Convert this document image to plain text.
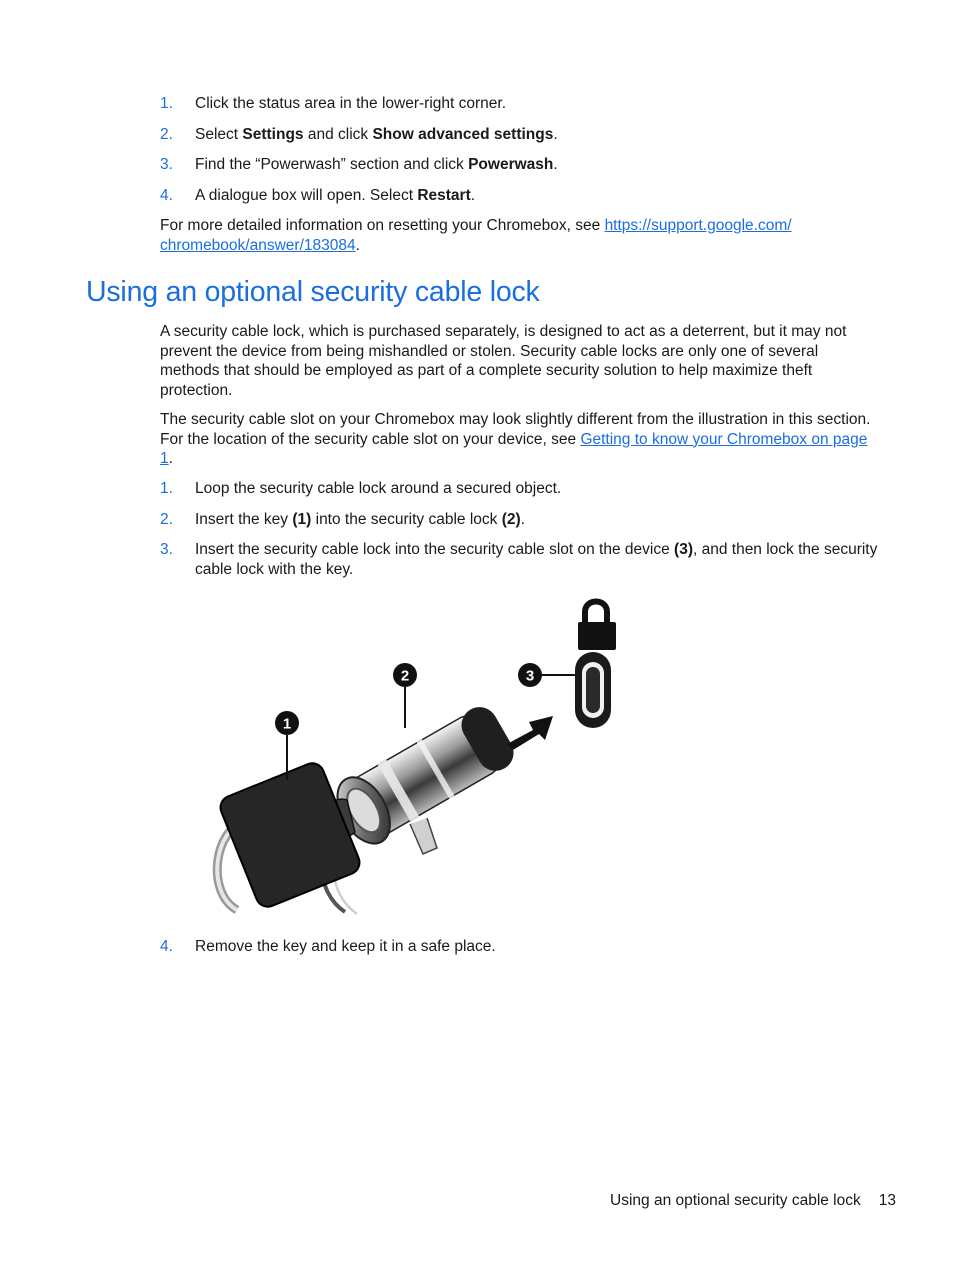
1. Click the status area in the lower-right corner.
2. Select Settings and click Show advanced settings.
3. Find the “Powerwash” section and click Powerwash.
4. A dialogue box will open. Select Restart.

For more detailed information on resetting your Chromebox, see https://support.google.com/
chromebook/answer/183084.

Using an optional security cable lock

A security cable lock, which is purchased separately, is designed to act as a deterrent, but it may not prevent the device from being mishandled or stolen. Security cable locks are only one of several methods that should be employed as part of a complete security solution to help maximize theft protection.

The security cable slot on your Chromebox may look slightly different from the illustration in this section. For the location of the security cable slot on your device, see Getting to know your Chromebox on page 1.

1. Loop the security cable lock around a secured object.
2. Insert the key (1) into the security cable lock (2).
3. Insert the security cable lock into the security cable slot on the device (3), and then lock the security cable lock with the key.
1
2	3
4. Remove the key and keep it in a safe place.
Using an optional security cable lock 13
